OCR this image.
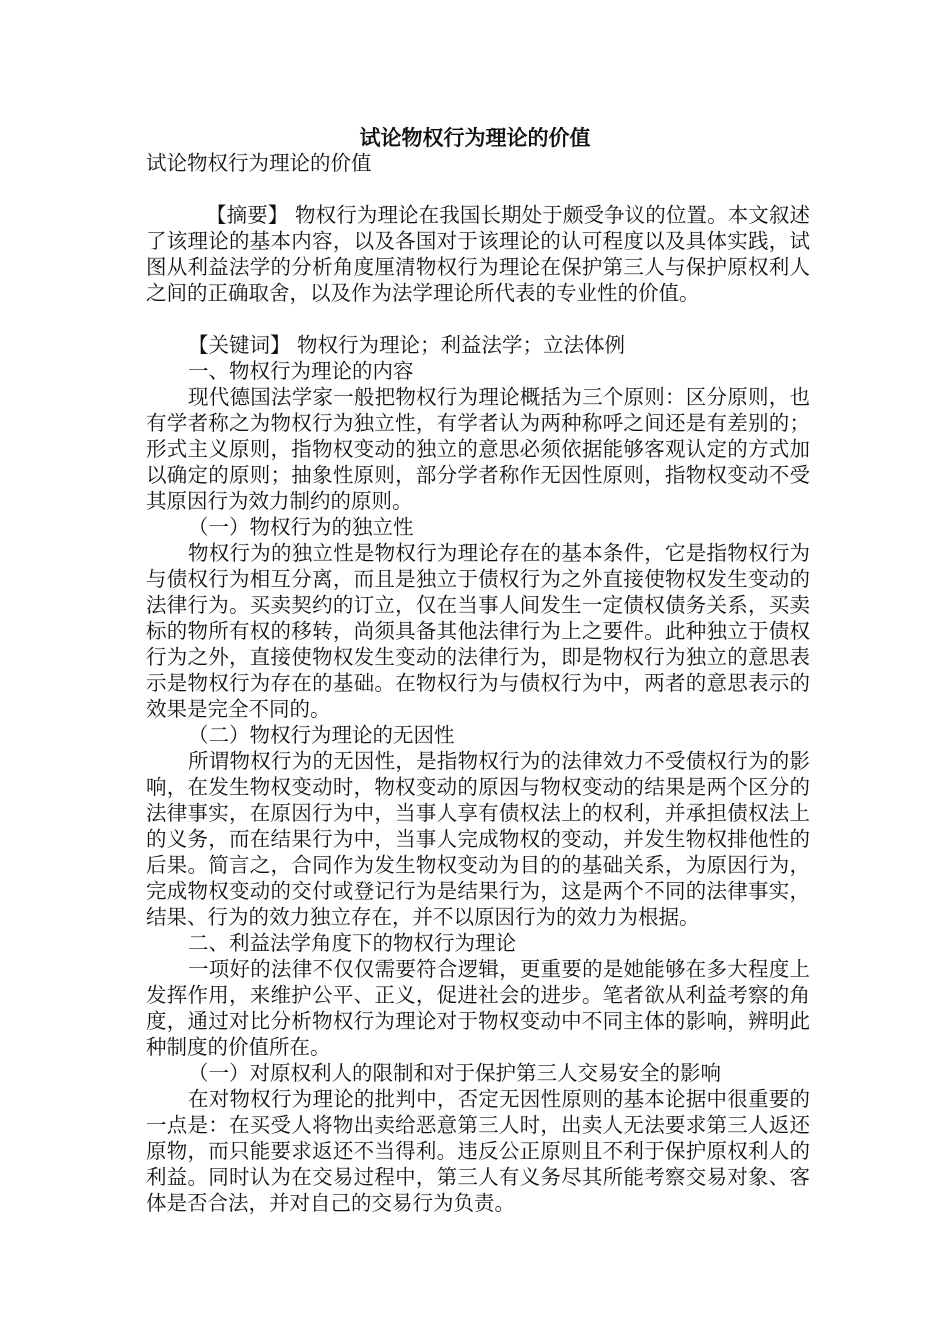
试论物权行为理论的价值

试论物权行为理论的价值

【摘要】 物权行为理论在我国长期处于颇受争议的位置。本文叙述了该理论的基本内容，以及各国对于该理论的认可程度以及具体实践，试图从利益法学的分析角度厘清物权行为理论在保护第三人与保护原权利人之间的正确取舍，以及作为法学理论所代表的专业性的价值。

【关键词】 物权行为理论；利益法学；立法体例

一、物权行为理论的内容

现代德国法学家一般把物权行为理论概括为三个原则：区分原则，也有学者称之为物权行为独立性，有学者认为两种称呼之间还是有差别的；形式主义原则，指物权变动的独立的意思必须依据能够客观认定的方式加以确定的原则；抽象性原则，部分学者称作无因性原则，指物权变动不受其原因行为效力制约的原则。

（一）物权行为的独立性

物权行为的独立性是物权行为理论存在的基本条件，它是指物权行为与债权行为相互分离，而且是独立于债权行为之外直接使物权发生变动的法律行为。买卖契约的订立，仅在当事人间发生一定债权债务关系，买卖标的物所有权的移转，尚须具备其他法律行为上之要件。此种独立于债权行为之外，直接使物权发生变动的法律行为，即是物权行为独立的意思表示是物权行为存在的基础。在物权行为与债权行为中，两者的意思表示的效果是完全不同的。

（二）物权行为理论的无因性

所谓物权行为的无因性，是指物权行为的法律效力不受债权行为的影响，在发生物权变动时，物权变动的原因与物权变动的结果是两个区分的法律事实，在原因行为中，当事人享有债权法上的权利，并承担债权法上的义务，而在结果行为中，当事人完成物权的变动，并发生物权排他性的后果。简言之，合同作为发生物权变动为目的的基础关系，为原因行为，完成物权变动的交付或登记行为是结果行为，这是两个不同的法律事实，结果、行为的效力独立存在，并不以原因行为的效力为根据。

二、利益法学角度下的物权行为理论

一项好的法律不仅仅需要符合逻辑，更重要的是她能够在多大程度上发挥作用，来维护公平、正义，促进社会的进步。笔者欲从利益考察的角度，通过对比分析物权行为理论对于物权变动中不同主体的影响，辨明此种制度的价值所在。

（一）对原权利人的限制和对于保护第三人交易安全的影响

在对物权行为理论的批判中，否定无因性原则的基本论据中很重要的一点是：在买受人将物出卖给恶意第三人时，出卖人无法要求第三人返还原物，而只能要求返还不当得利。违反公正原则且不利于保护原权利人的利益。同时认为在交易过程中，第三人有义务尽其所能考察交易对象、客体是否合法，并对自己的交易行为负责。
